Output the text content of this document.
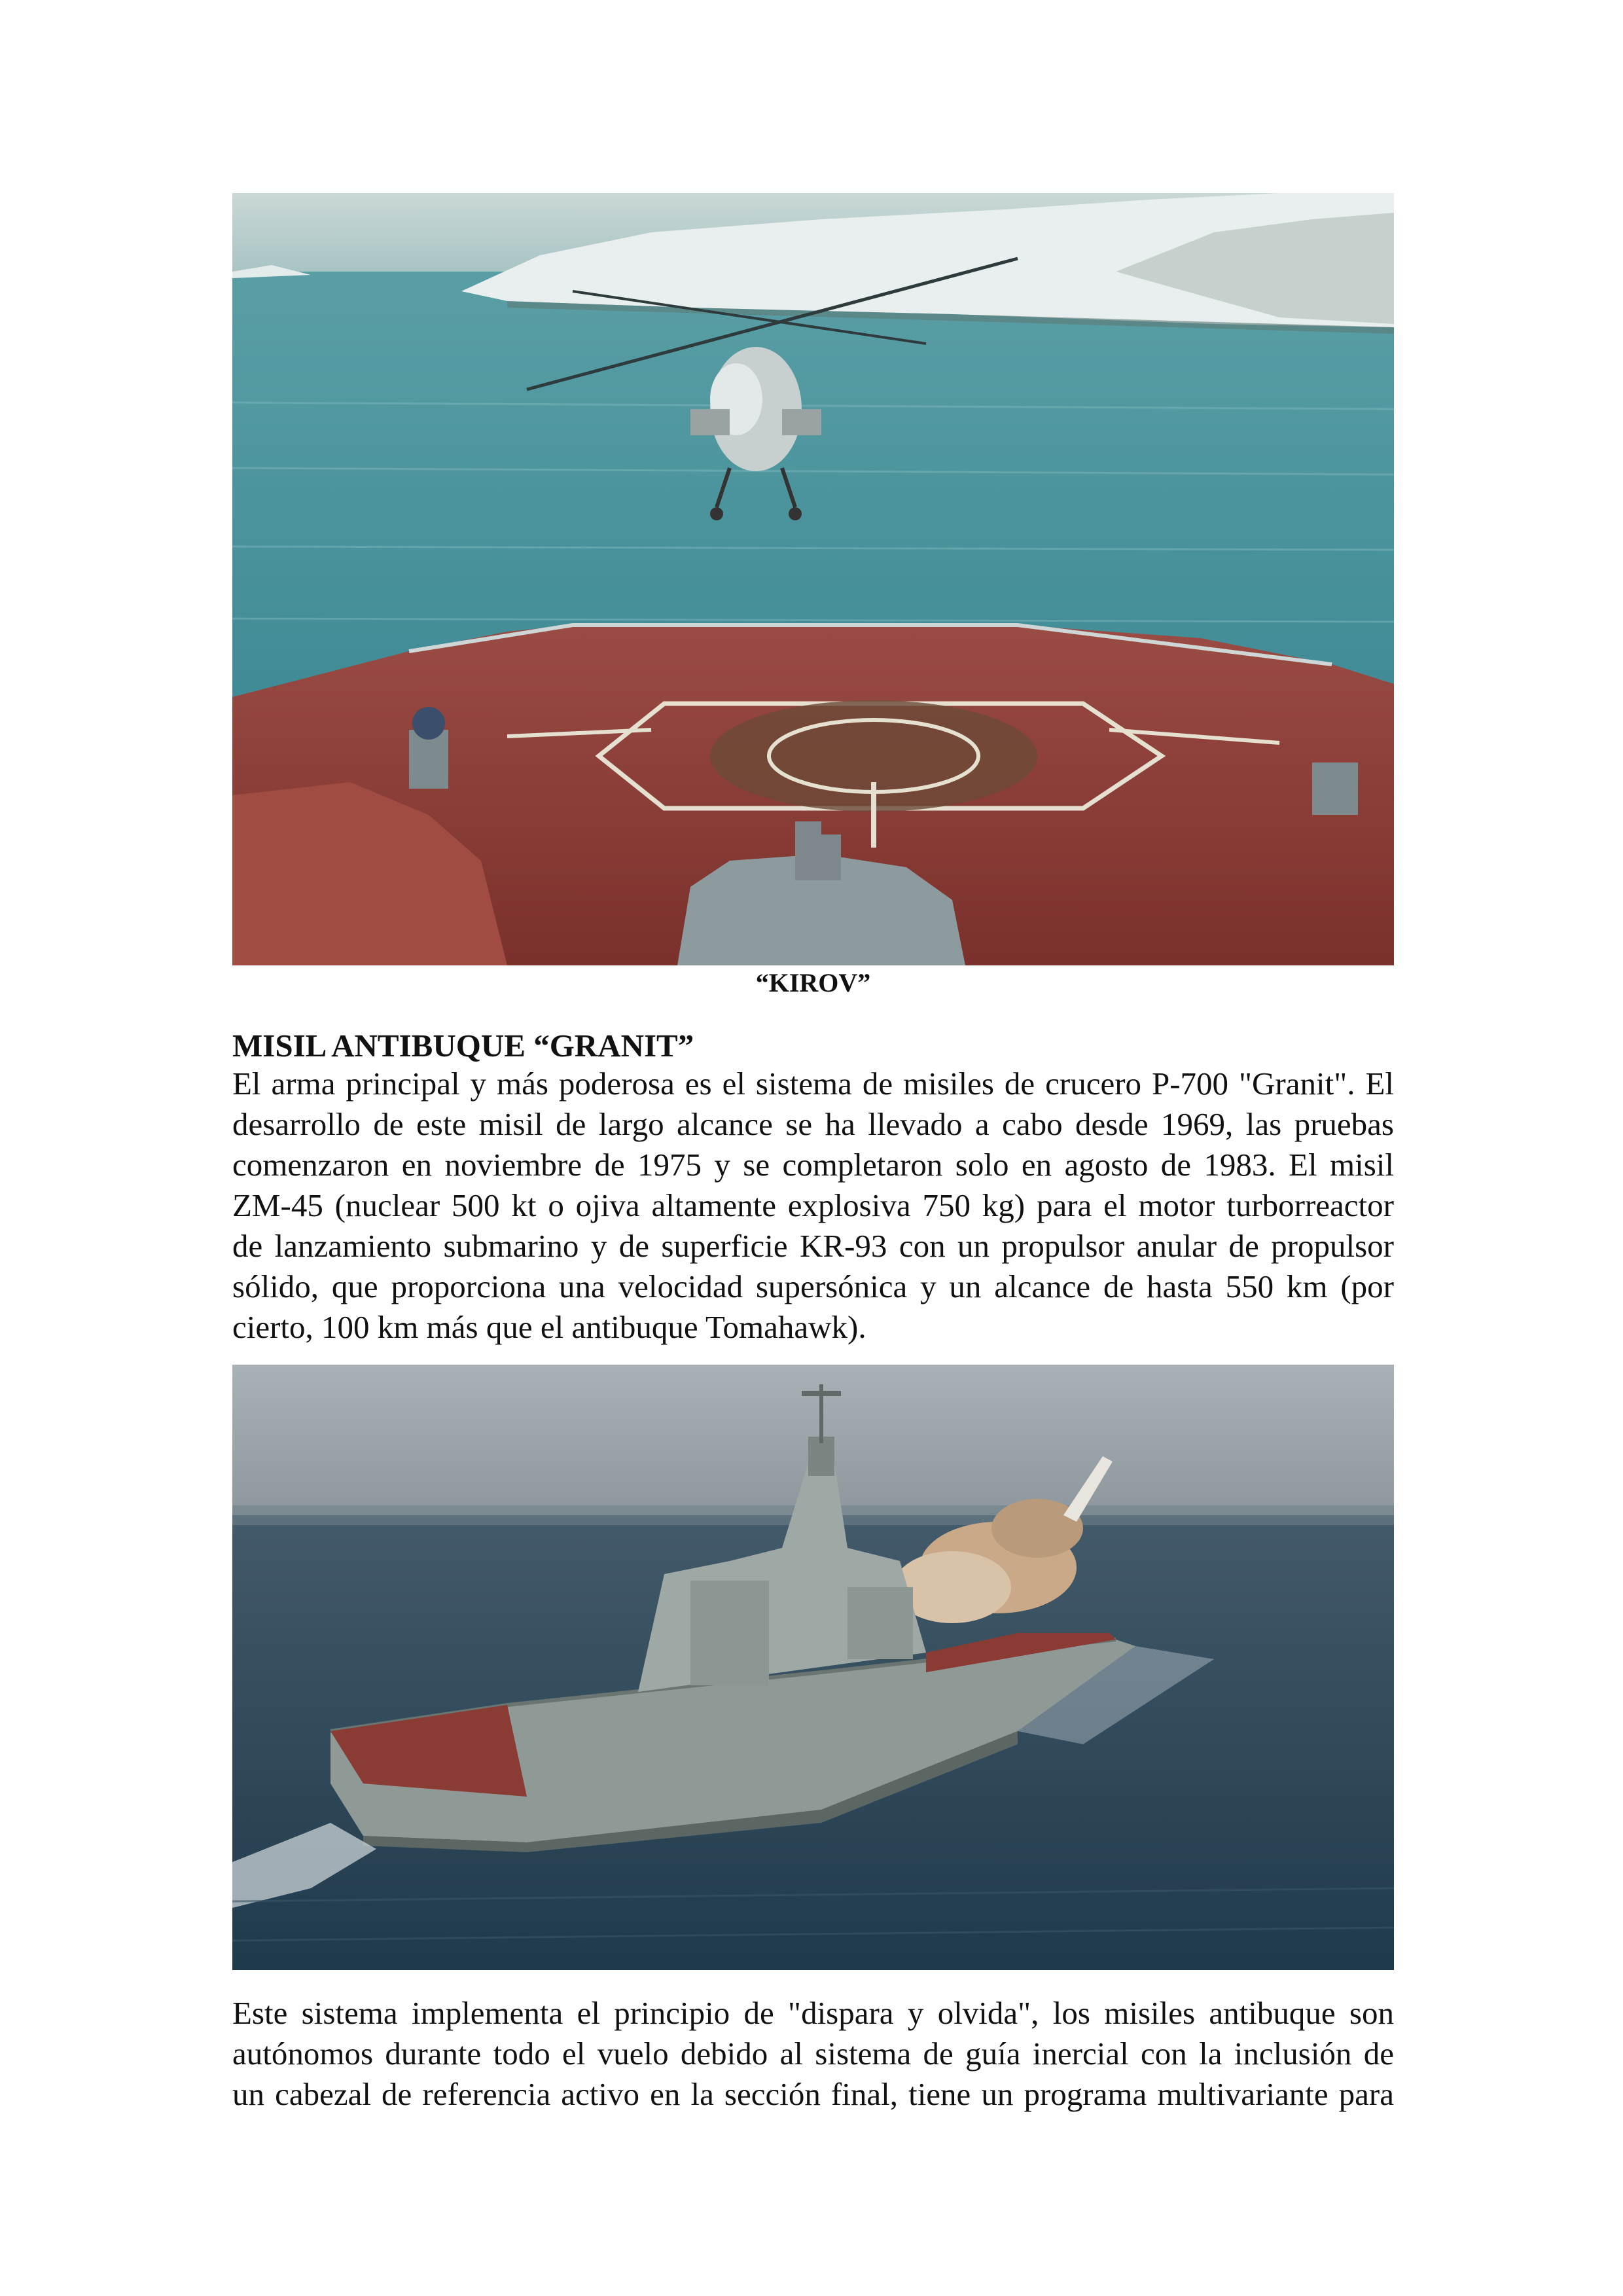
“KIROV”
MISIL ANTIBUQUE “GRANIT”
El arma principal y más poderosa es el sistema de misiles de crucero P-700 "Granit". El
desarrollo de este misil de largo alcance se ha llevado a cabo desde 1969, las pruebas
comenzaron en noviembre de 1975 y se completaron solo en agosto de 1983. El misil
ZM-45 (nuclear 500 kt o ojiva altamente explosiva 750 kg) para el motor turborreactor
de lanzamiento submarino y de superficie KR-93 con un propulsor anular de propulsor
sólido, que proporciona una velocidad supersónica y un alcance de hasta 550 km (por
cierto, 100 km más que el antibuque Tomahawk).
Este sistema implementa el principio de "dispara y olvida", los misiles antibuque son
autónomos durante todo el vuelo debido al sistema de guía inercial con la inclusión de
un cabezal de referencia activo en la sección final, tiene un programa multivariante para
